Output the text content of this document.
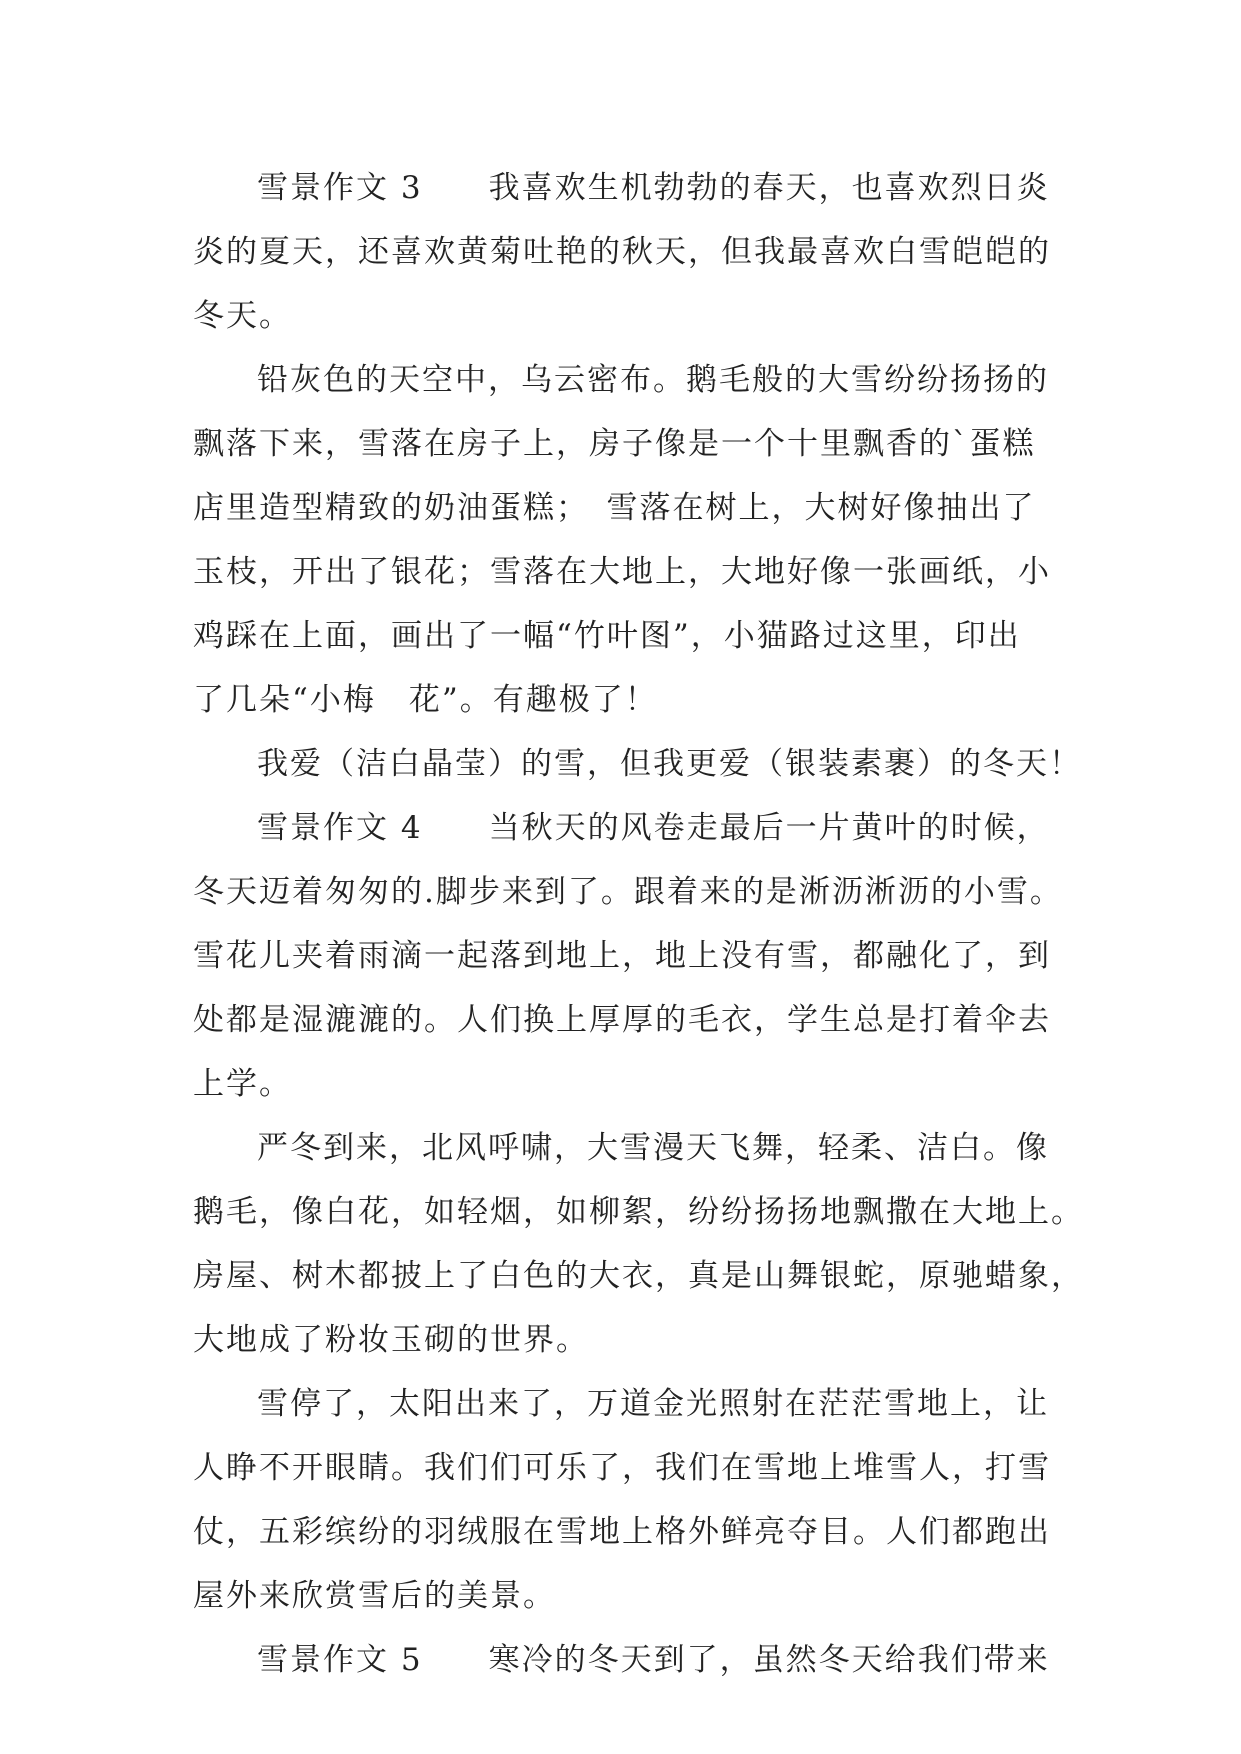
雪景作文 3　　我喜欢生机勃勃的春天，也喜欢烈日炎
炎的夏天，还喜欢黄菊吐艳的秋天，但我最喜欢白雪皑皑的
冬天。
铅灰色的天空中，乌云密布。鹅毛般的大雪纷纷扬扬的
飘落下来，雪落在房子上，房子像是一个十里飘香的`蛋糕
店里造型精致的奶油蛋糕；　雪落在树上，大树好像抽出了
玉枝，开出了银花；雪落在大地上，大地好像一张画纸，小
鸡踩在上面，画出了一幅“竹叶图”，小猫路过这里，印出
了几朵“小梅　花”。有趣极了！
我爱（洁白晶莹）的雪，但我更爱（银装素裹）的冬天！
雪景作文 4　　当秋天的风卷走最后一片黄叶的时候，
冬天迈着匆匆的.脚步来到了。跟着来的是淅沥淅沥的小雪。
雪花儿夹着雨滴一起落到地上，地上没有雪，都融化了，到
处都是湿漉漉的。人们换上厚厚的毛衣，学生总是打着伞去
上学。
严冬到来，北风呼啸，大雪漫天飞舞，轻柔、洁白。像
鹅毛，像白花，如轻烟，如柳絮，纷纷扬扬地飘撒在大地上。
房屋、树木都披上了白色的大衣，真是山舞银蛇，原驰蜡象，
大地成了粉妆玉砌的世界。
雪停了，太阳出来了，万道金光照射在茫茫雪地上，让
人睁不开眼睛。我们们可乐了，我们在雪地上堆雪人，打雪
仗，五彩缤纷的羽绒服在雪地上格外鲜亮夺目。人们都跑出
屋外来欣赏雪后的美景。
雪景作文 5　　寒冷的冬天到了，虽然冬天给我们带来
